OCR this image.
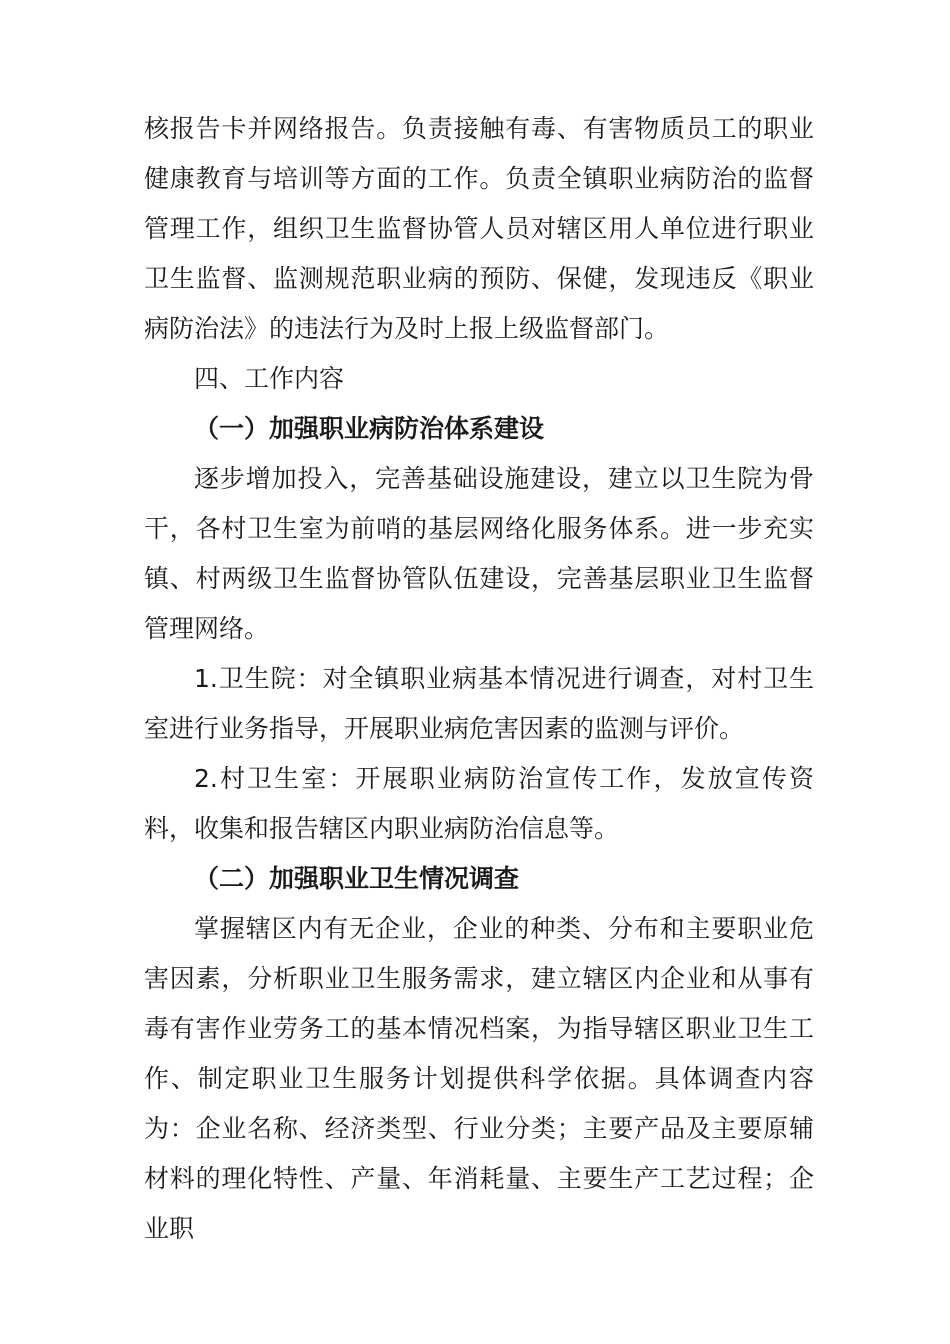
核报告卡并网络报告。负责接触有毒、有害物质员工的职业健康教育与培训等方面的工作。负责全镇职业病防治的监督管理工作，组织卫生监督协管人员对辖区用人单位进行职业卫生监督、监测规范职业病的预防、保健，发现违反《职业病防治法》的违法行为及时上报上级监督部门。

四、工作内容

（一）加强职业病防治体系建设

逐步增加投入，完善基础设施建设，建立以卫生院为骨干，各村卫生室为前哨的基层网络化服务体系。进一步充实镇、村两级卫生监督协管队伍建设，完善基层职业卫生监督管理网络。

1.卫生院：对全镇职业病基本情况进行调查，对村卫生室进行业务指导，开展职业病危害因素的监测与评价。

2.村卫生室：开展职业病防治宣传工作，发放宣传资料，收集和报告辖区内职业病防治信息等。

（二）加强职业卫生情况调查

掌握辖区内有无企业，企业的种类、分布和主要职业危害因素，分析职业卫生服务需求，建立辖区内企业和从事有毒有害作业劳务工的基本情况档案，为指导辖区职业卫生工作、制定职业卫生服务计划提供科学依据。具体调查内容为：企业名称、经济类型、行业分类；主要产品及主要原辅材料的理化特性、产量、年消耗量、主要生产工艺过程；企业职
